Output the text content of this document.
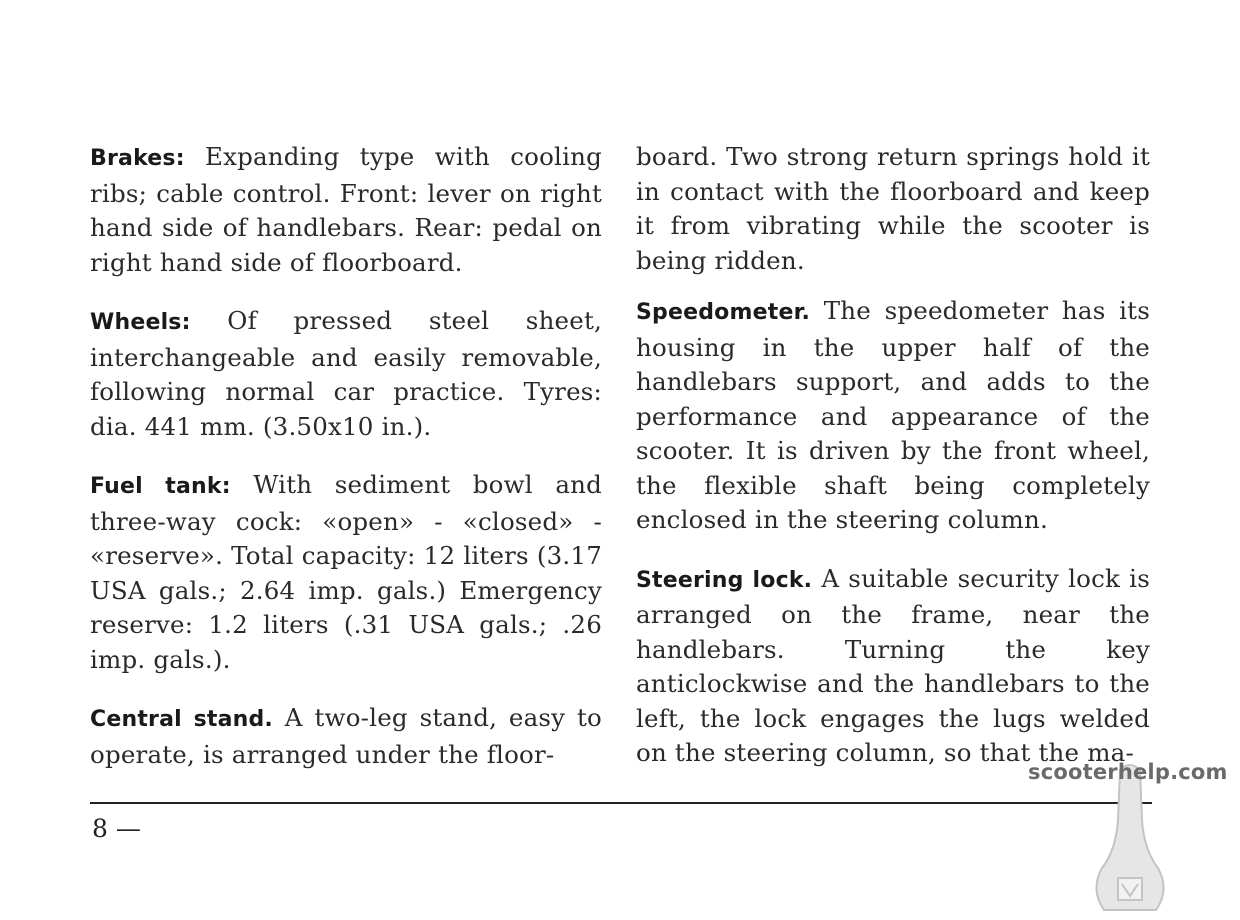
Brakes: Expanding type with cooling ribs; cable control. Front: lever on right hand side of handlebars. Rear: pedal on right hand side of floorboard.

Wheels: Of pressed steel sheet, interchangeable and easily removable, following normal car practice. Tyres: dia. 441 mm. (3.50x10 in.).

Fuel tank: With sediment bowl and three-way cock: «open» - «closed» - «reserve». Total capacity: 12 liters (3.17 USA gals.; 2.64 imp. gals.) Emergency reserve: 1.2 liters (.31 USA gals.; .26 imp. gals.).

Central stand. A two-leg stand, easy to operate, is arranged under the floor-

board. Two strong return springs hold it in contact with the floorboard and keep it from vibrating while the scooter is being ridden.

Speedometer. The speedometer has its housing in the upper half of the handlebars support, and adds to the performance and appearance of the scooter. It is driven by the front wheel, the flexible shaft being completely enclosed in the steering column.

Steering lock. A suitable security lock is arranged on the frame, near the handlebars. Turning the key anticlockwise and the handlebars to the left, the lock engages the lugs welded on the steering column, so that the ma-

8 —
scooterhelp.com
